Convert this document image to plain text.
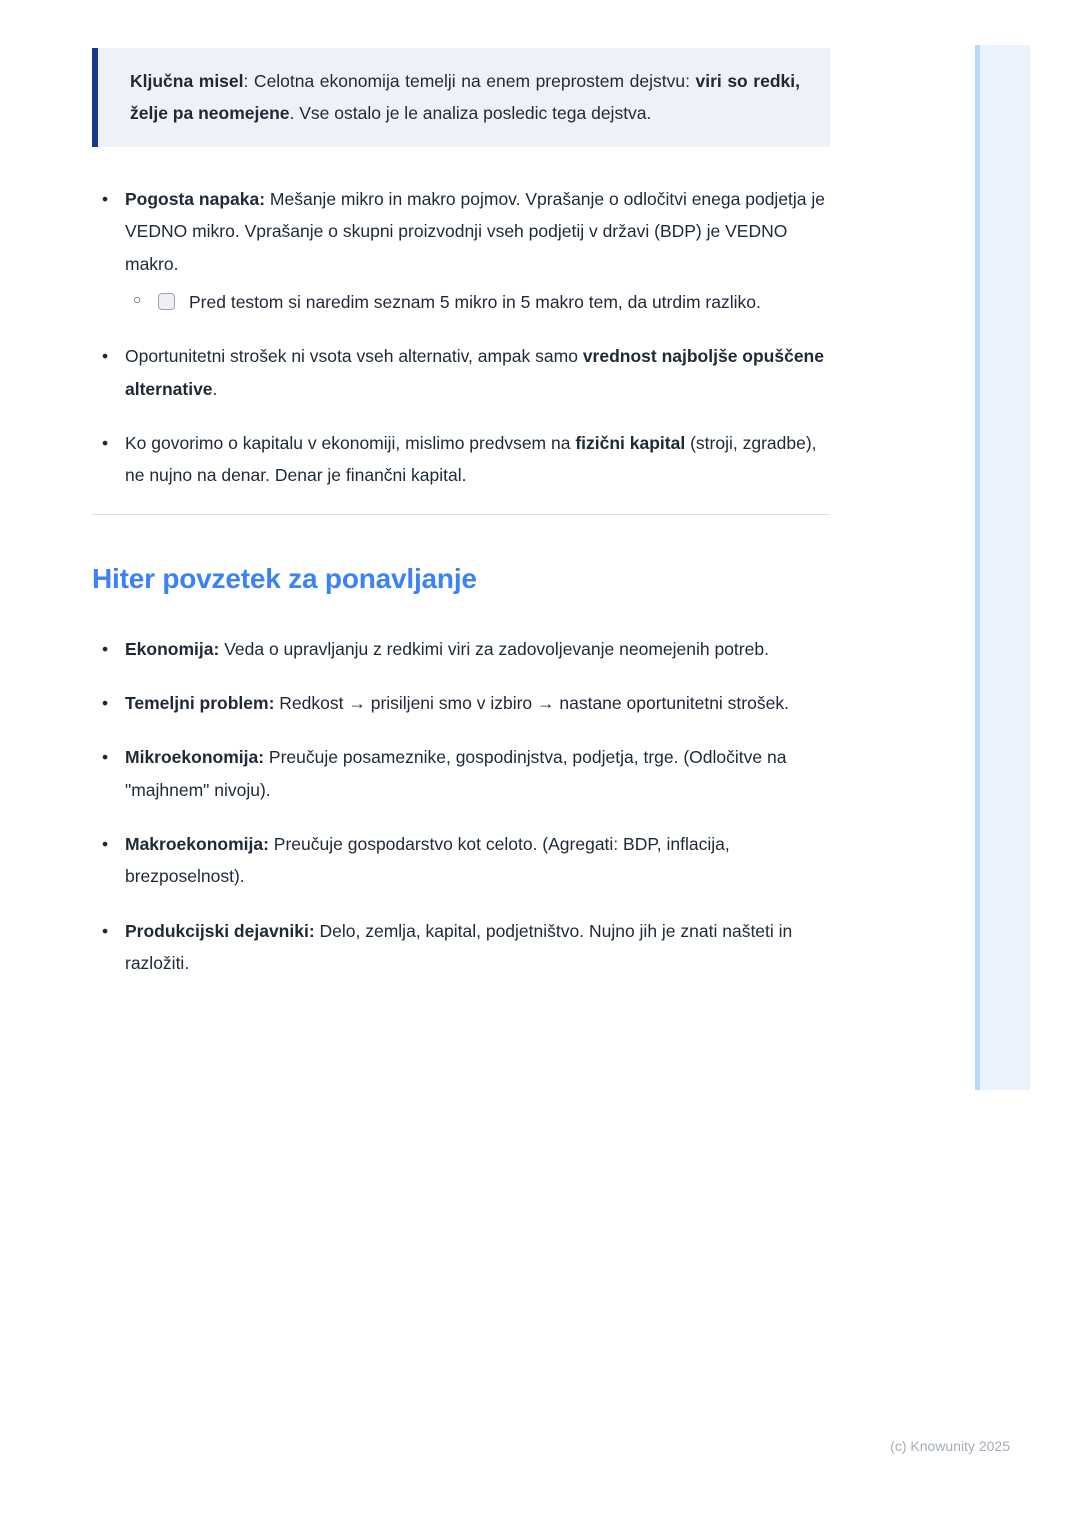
Ključna misel: Celotna ekonomija temelji na enem preprostem dejstvu: viri so redki, želje pa neomejene. Vse ostalo je le analiza posledic tega dejstva.

• Pogosta napaka: Mešanje mikro in makro pojmov. Vprašanje o odločitvi enega podjetja je VEDNO mikro. Vprašanje o skupni proizvodnji vseh podjetij v državi (BDP) je VEDNO makro.
○ Pred testom si naredim seznam 5 mikro in 5 makro tem, da utrdim razliko.
• Oportunitetni strošek ni vsota vseh alternativ, ampak samo vrednost najboljše opuščene alternative.
• Ko govorimo o kapitalu v ekonomiji, mislimo predvsem na fizični kapital (stroji, zgradbe), ne nujno na denar. Denar je finančni kapital.
Hiter povzetek za ponavljanje
• Ekonomija: Veda o upravljanju z redkimi viri za zadovoljevanje neomejenih potreb.
• Temeljni problem: Redkost → prisiljeni smo v izbiro → nastane oportunitetni strošek.
• Mikroekonomija: Preučuje posameznike, gospodinjstva, podjetja, trge. (Odločitve na "majhnem" nivoju).
• Makroekonomija: Preučuje gospodarstvo kot celoto. (Agregati: BDP, inflacija, brezposelnost).
• Produkcijski dejavniki: Delo, zemlja, kapital, podjetništvo. Nujno jih je znati našteti in razložiti.
(c) Knowunity 2025
